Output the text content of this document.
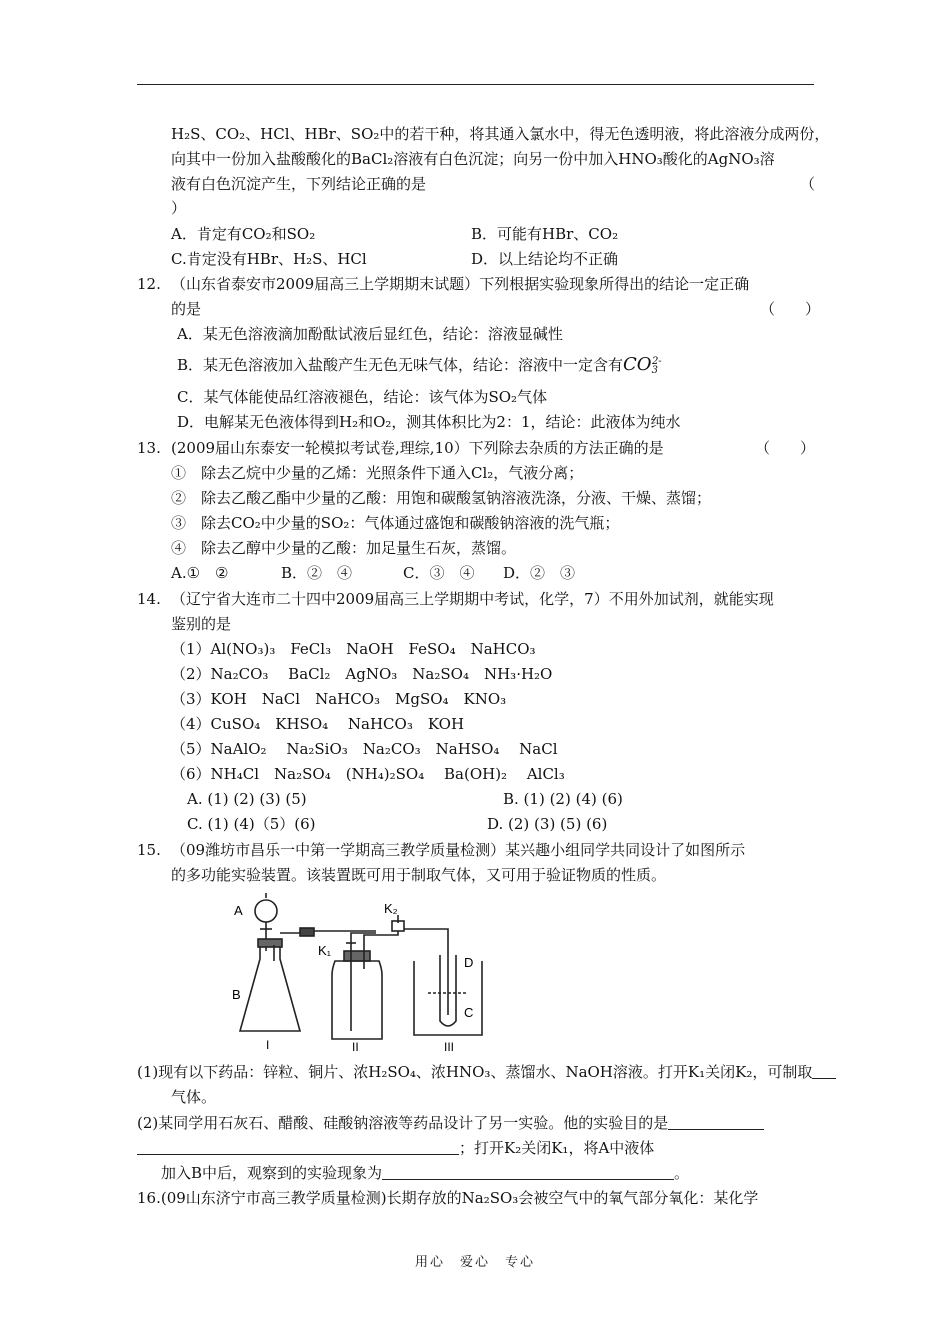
H₂S、CO₂、HCl、HBr、SO₂中的若干种，将其通入氯水中，得无色透明液，将此溶液分成两份，
向其中一份加入盐酸酸化的BaCl₂溶液有白色沉淀；向另一份中加入HNO₃酸化的AgNO₃溶
液有白色沉淀产生，下列结论正确的是	（
）
A．肯定有CO₂和SO₂	B．可能有HBr、CO₂
C.肯定没有HBr、H₂S、HCl	D．以上结论均不正确
12. （山东省泰安市2009届高三上学期期末试题）下列根据实验现象所得出的结论一定正确
的是	（　　）
A．某无色溶液滴加酚酞试液后显红色，结论：溶液显碱性
B．某无色溶液加入盐酸产生无色无味气体，结论：溶液中一定含有$CO_3^{2-}$
C．某气体能使品红溶液褪色，结论：该气体为SO₂气体
D．电解某无色液体得到H₂和O₂，测其体积比为2：1，结论：此液体为纯水
13. (2009届山东泰安一轮模拟考试卷,理综,10）下列除去杂质的方法正确的是	（　　）
①　除去乙烷中少量的乙烯：光照条件下通入Cl₂，气液分离；
②　除去乙酸乙酯中少量的乙酸：用饱和碳酸氢钠溶液洗涤，分液、干燥、蒸馏；
③　除去CO₂中少量的SO₂：气体通过盛饱和碳酸钠溶液的洗气瓶；
④　除去乙醇中少量的乙酸：加足量生石灰，蒸馏。
A.①　②	B．②　④	C．③　④ D．②　③
14. （辽宁省大连市二十四中2009届高三上学期期中考试，化学，7）不用外加试剂，就能实现
鉴别的是
（1）Al(NO₃)₃　FeCl₃　NaOH　FeSO₄　NaHCO₃
（2）Na₂CO₃　 BaCl₂　AgNO₃　Na₂SO₄　NH₃·H₂O
（3）KOH　NaCl　NaHCO₃　MgSO₄　KNO₃
（4）CuSO₄　KHSO₄　 NaHCO₃　KOH
（5）NaAlO₂　 Na₂SiO₃　Na₂CO₃　NaHSO₄　 NaCl
（6）NH₄Cl　Na₂SO₄　(NH₄)₂SO₄　 Ba(OH)₂　 AlCl₃
A. (1) (2) (3) (5)	B. (1) (2) (4) (6)
C. (1) (4)（5）(6)	D. (2) (3) (5) (6)
15. （09潍坊市昌乐一中第一学期高三教学质量检测）某兴趣小组同学共同设计了如图所示
的多功能实验装置。该装置既可用于制取气体，又可用于验证物质的性质。
A
B
C
D
K₁
K₂
I	II	III
(1)现有以下药品：锌粒、铜片、浓H₂SO₄、浓HNO₃、蒸馏水、NaOH溶液。打开K₁关闭K₂，可制取
气体。
(2)某同学用石灰石、醋酸、硅酸钠溶液等药品设计了另一实验。他的实验目的是
；打开K₂关闭K₁，将A中液体
加入B中后，观察到的实验现象为	。
16.(09山东济宁市高三教学质量检测)长期存放的Na₂SO₃会被空气中的氧气部分氧化：某化学
用心　爱心　专心
